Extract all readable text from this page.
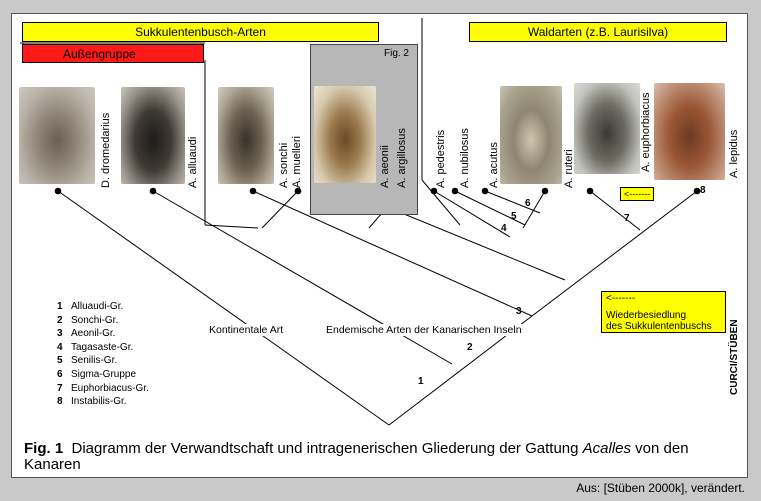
Sukkulentenbusch-Arten
Außengruppe
Waldarten (z.B. Laurisilva)
Fig. 2
D. dromedarius	A. alluaudi	A. sonchi A. muelleri	A. aeonii A. argillosus A. pedestris A. nubilosus A. acutus	A. ruteri	A. euphorbiacus	A. lepidus
<-------
<-------
Wiederbesiedlung
des Sukkulentenbuschs
1
2
3
4
5
6
7
8
Kontinentale Art	Endemische Arten der Kanarischen Inseln
1 Alluaudi-Gr.
2 Sonchi-Gr.
3 Aeonil-Gr.
4 Tagasaste-Gr.
5 Senilis-Gr.
6 Sigma-Gruppe
7 Euphorbiacus-Gr.
8 Instabilis-Gr.
Fig. 1 Diagramm der Verwandtschaft und intragenerischen Gliederung der Gattung Acalles von den Kanaren
CURCI/STÜBEN
Aus: [Stüben 2000k], verändert.
